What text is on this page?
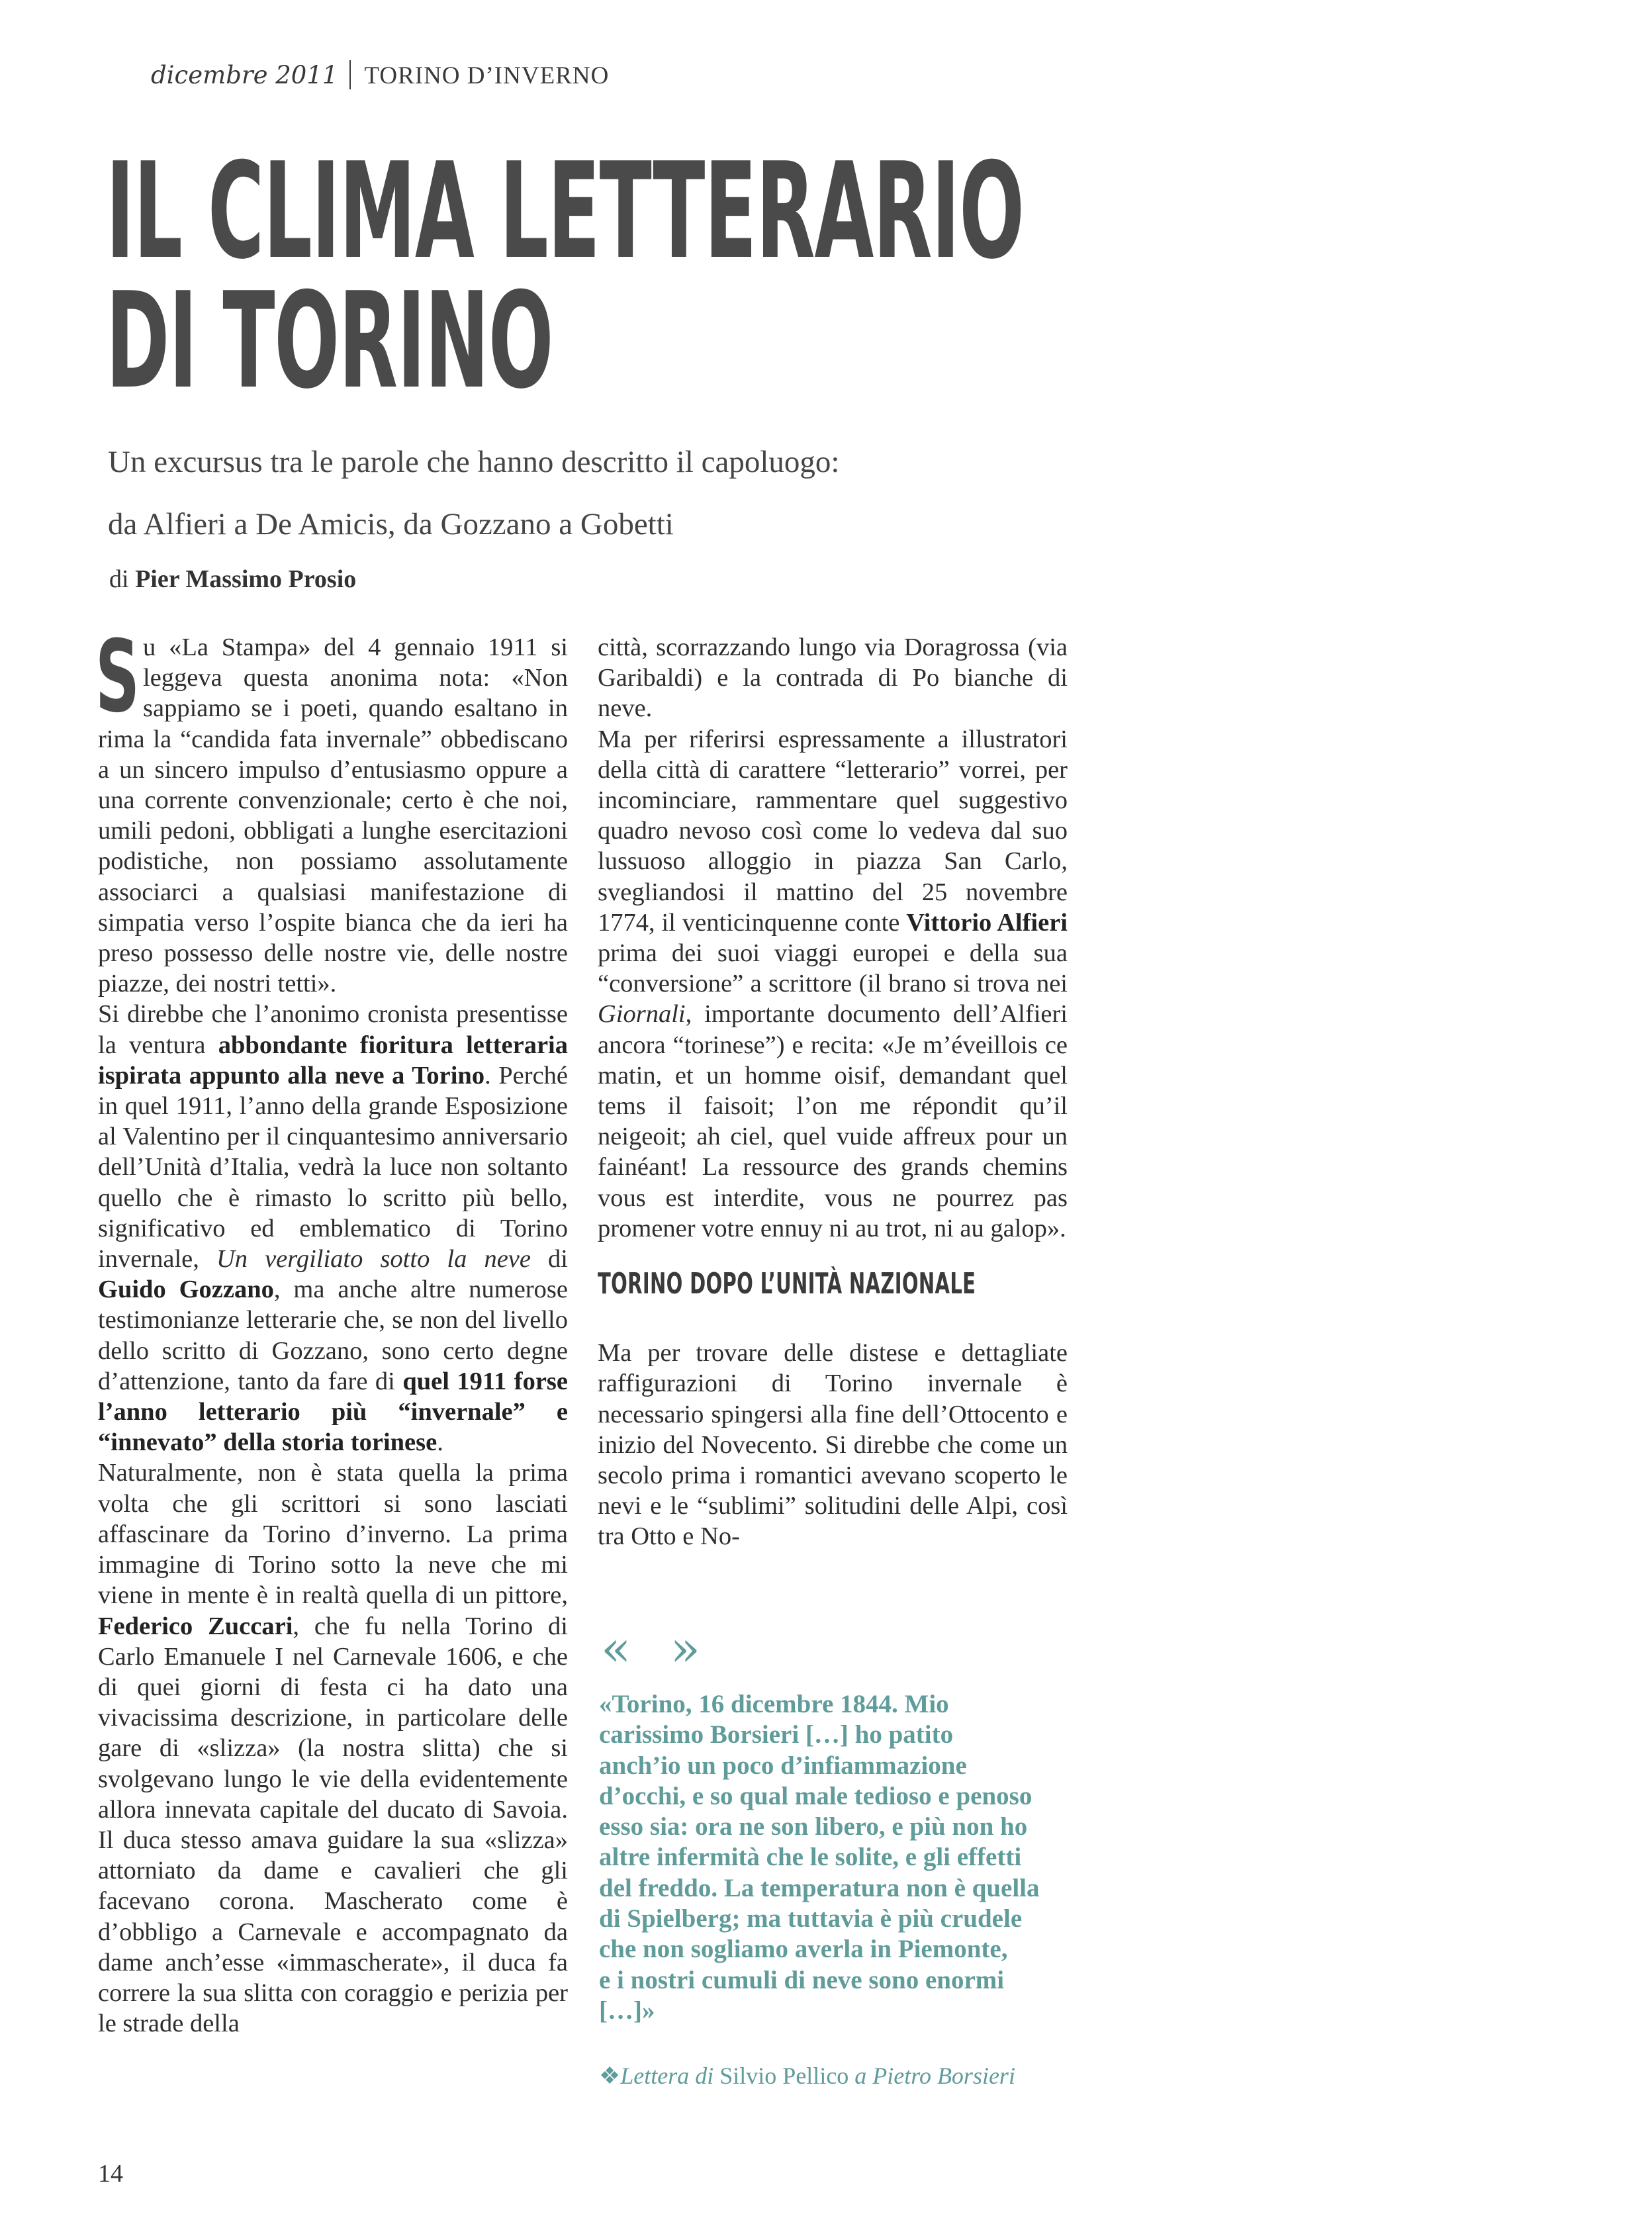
dicembre 2011 TORINO D’INVERNO
IL CLIMA LETTERARIO
DI TORINO
Un excursus tra le parole che hanno descritto il capoluogo:
da Alfieri a De Amicis, da Gozzano a Gobetti
di Pier Massimo Prosio

Su «La Stampa» del 4 gennaio 1911 si leggeva questa anonima nota: «Non sappiamo se i poeti, quando esaltano in rima la “candida fata invernale” obbediscano a un sincero impulso d’entusiasmo oppure a una corrente convenzionale; certo è che noi, umili pedoni, obbligati a lunghe esercitazioni podistiche, non possiamo assolutamente associarci a qualsiasi manifestazione di simpatia verso l’ospite bianca che da ieri ha preso possesso delle nostre vie, delle nostre piazze, dei nostri tetti».

Si direbbe che l’anonimo cronista presentisse la ventura abbondante fioritura letteraria ispirata appunto alla neve a Torino. Perché in quel 1911, l’anno della grande Esposizione al Valentino per il cinquantesimo anniversario dell’Unità d’Italia, vedrà la luce non soltanto quello che è rimasto lo scritto più bello, significativo ed emblematico di Torino invernale, Un vergiliato sotto la neve di Guido Gozzano, ma anche altre numerose testimonianze letterarie che, se non del livello dello scritto di Gozzano, sono certo degne d’attenzione, tanto da fare di quel 1911 forse l’anno letterario più “invernale” e “innevato” della storia torinese.

Naturalmente, non è stata quella la prima volta che gli scrittori si sono lasciati affascinare da Torino d’inverno. La prima immagine di Torino sotto la neve che mi viene in mente è in realtà quella di un pittore, Federico Zuccari, che fu nella Torino di Carlo Emanuele I nel Carnevale 1606, e che di quei giorni di festa ci ha dato una vivacissima descrizione, in particolare delle gare di «slizza» (la nostra slitta) che si svolgevano lungo le vie della evidentemente allora innevata capitale del ducato di Savoia. Il duca stesso amava guidare la sua «slizza» attorniato da dame e cavalieri che gli facevano corona. Mascherato come è d’obbligo a Carnevale e accompagnato da dame anch’esse «immascherate», il duca fa correre la sua slitta con coraggio e perizia per le strade della

città, scorrazzando lungo via Doragrossa (via Garibaldi) e la contrada di Po bianche di neve.

Ma per riferirsi espressamente a illustratori della città di carattere “letterario” vorrei, per incominciare, rammentare quel suggestivo quadro nevoso così come lo vedeva dal suo lussuoso alloggio in piazza San Carlo, svegliandosi il mattino del 25 novembre 1774, il venticinquenne conte Vittorio Alfieri prima dei suoi viaggi europei e della sua “conversione” a scrittore (il brano si trova nei Giornali, importante documento dell’Alfieri ancora “torinese”) e recita: «Je m’éveillois ce matin, et un homme oisif, demandant quel tems il faisoit; l’on me répondit qu’il neigeoit; ah ciel, quel vuide affreux pour un fainéant! La ressource des grands chemins vous est interdite, vous ne pourrez pas promener votre ennuy ni au trot, ni au galop».

TORINO DOPO L’UNITÀ NAZIONALE

Ma per trovare delle distese e dettagliate raffigurazioni di Torino invernale è necessario spingersi alla fine dell’Ottocento e inizio del Novecento. Si direbbe che come un secolo prima i romantici avevano scoperto le nevi e le “sublimi” solitudini delle Alpi, così tra Otto e No-

« »
«Torino, 16 dicembre 1844. Mio
carissimo Borsieri […] ho patito
anch’io un poco d’infiammazione
d’occhi, e so qual male tedioso e penoso
esso sia: ora ne son libero, e più non ho
altre infermità che le solite, e gli effetti
del freddo. La temperatura non è quella
di Spielberg; ma tuttavia è più crudele
che non sogliamo averla in Piemonte,
e i nostri cumuli di neve sono enormi
[…]»
❖Lettera di Silvio Pellico a Pietro Borsieri
14
